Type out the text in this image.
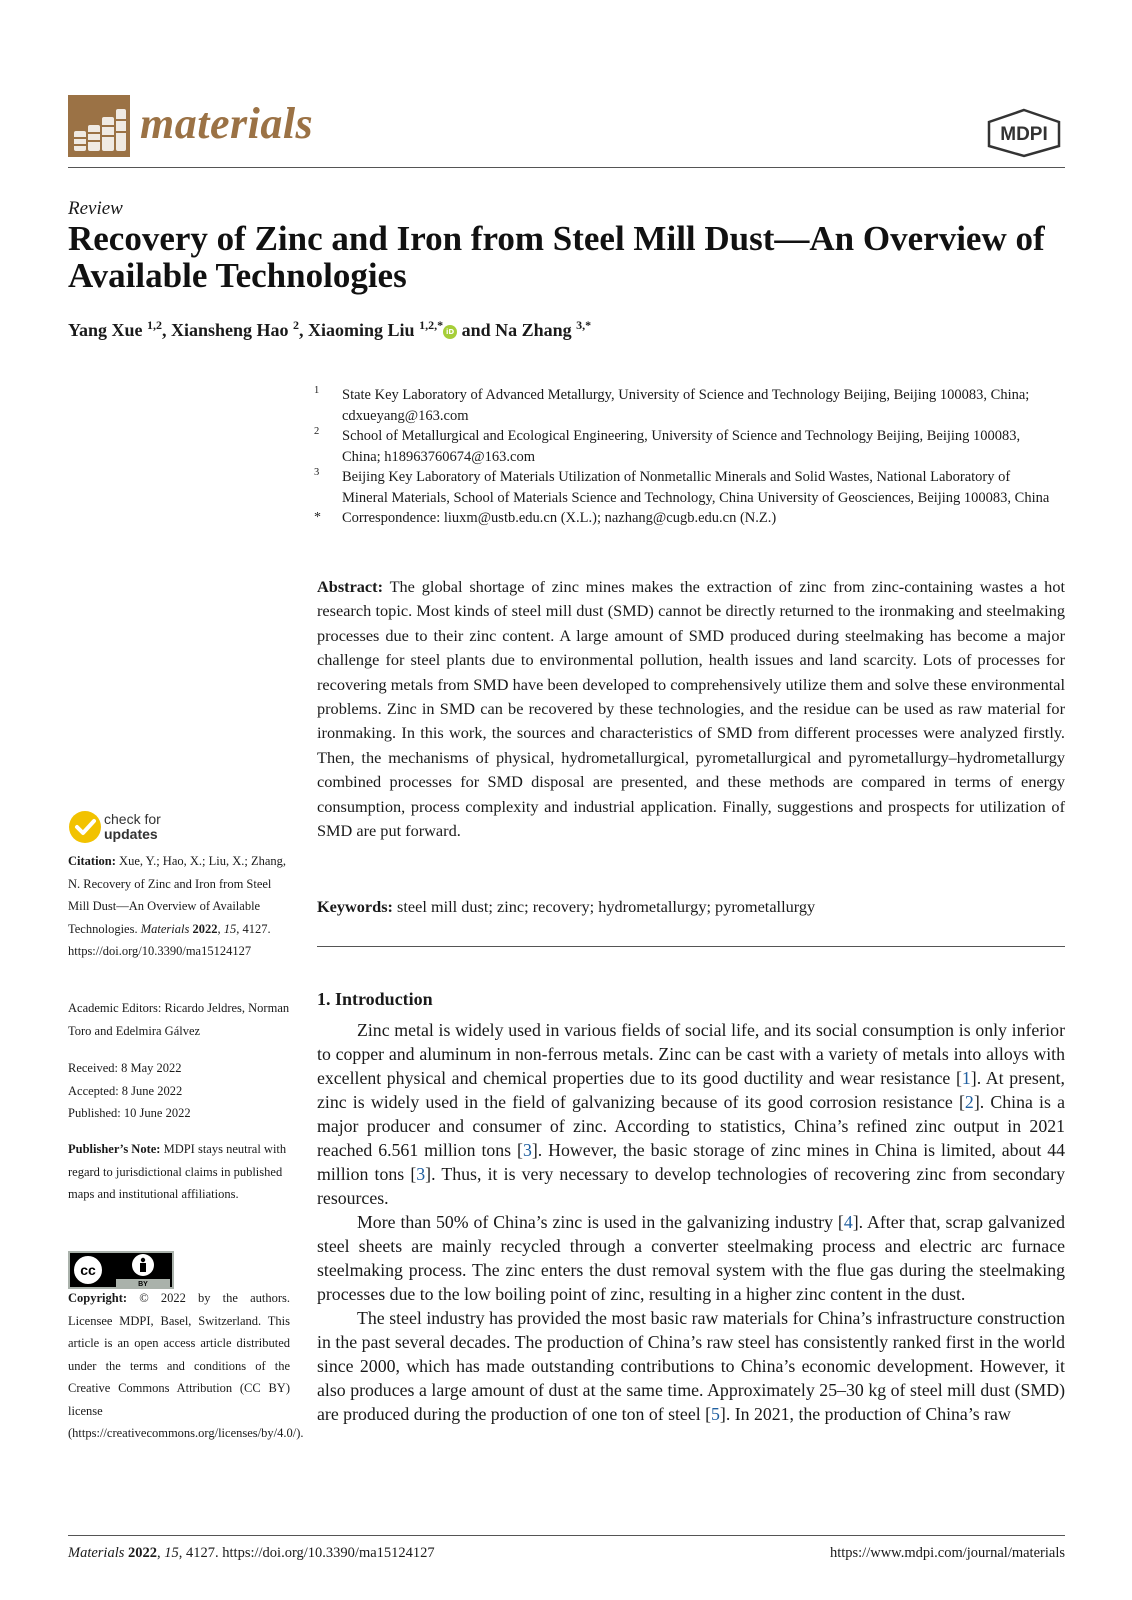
materials	MDPI
Review
Recovery of Zinc and Iron from Steel Mill Dust—An Overview of Available Technologies
Yang Xue $^{1,2}$, Xiansheng Hao $^2$, Xiaoming Liu $^{1,2,*}$ iD and Na Zhang $^{3,*}$
1 State Key Laboratory of Advanced Metallurgy, University of Science and Technology Beijing, Beijing 100083, China; cdxueyang@163.com
2 School of Metallurgical and Ecological Engineering, University of Science and Technology Beijing, Beijing 100083, China; h18963760674@163.com
3 Beijing Key Laboratory of Materials Utilization of Nonmetallic Minerals and Solid Wastes, National Laboratory of Mineral Materials, School of Materials Science and Technology, China University of Geosciences, Beijing 100083, China
* Correspondence: liuxm@ustb.edu.cn (X.L.); nazhang@cugb.edu.cn (N.Z.)
Abstract: The global shortage of zinc mines makes the extraction of zinc from zinc-containing wastes a hot research topic. Most kinds of steel mill dust (SMD) cannot be directly returned to the ironmaking and steelmaking processes due to their zinc content. A large amount of SMD produced during steelmaking has become a major challenge for steel plants due to environmental pollution, health issues and land scarcity. Lots of processes for recovering metals from SMD have been developed to comprehensively utilize them and solve these environmental problems. Zinc in SMD can be recovered by these technologies, and the residue can be used as raw material for ironmaking. In this work, the sources and characteristics of SMD from different processes were analyzed firstly. Then, the mechanisms of physical, hydrometallurgical, pyrometallurgical and pyrometallurgy–hydrometallurgy combined processes for SMD disposal are presented, and these methods are compared in terms of energy consumption, process complexity and industrial application. Finally, suggestions and prospects for utilization of SMD are put forward.
Keywords: steel mill dust; zinc; recovery; hydrometallurgy; pyrometallurgy
1. Introduction

Zinc metal is widely used in various fields of social life, and its social consumption is only inferior to copper and aluminum in non-ferrous metals. Zinc can be cast with a variety of metals into alloys with excellent physical and chemical properties due to its good ductility and wear resistance [1]. At present, zinc is widely used in the field of galvanizing because of its good corrosion resistance [2]. China is a major producer and consumer of zinc. According to statistics, China’s refined zinc output in 2021 reached 6.561 million tons [3]. However, the basic storage of zinc mines in China is limited, about 44 million tons [3]. Thus, it is very necessary to develop technologies of recovering zinc from secondary resources.

More than 50% of China’s zinc is used in the galvanizing industry [4]. After that, scrap galvanized steel sheets are mainly recycled through a converter steelmaking process and electric arc furnace steelmaking process. The zinc enters the dust removal system with the flue gas during the steelmaking processes due to the low boiling point of zinc, resulting in a higher zinc content in the dust.

The steel industry has provided the most basic raw materials for China’s infrastructure construction in the past several decades. The production of China’s raw steel has consistently ranked first in the world since 2000, which has made outstanding contributions to China’s economic development. However, it also produces a large amount of dust at the same time. Approximately 25–30 kg of steel mill dust (SMD) are produced during the production of one ton of steel [5]. In 2021, the production of China’s raw

check for
updates
Citation: Xue, Y.; Hao, X.; Liu, X.; Zhang, N. Recovery of Zinc and Iron from Steel Mill Dust—An Overview of Available Technologies. Materials 2022, 15, 4127. https://doi.org/10.3390/ma15124127
Academic Editors: Ricardo Jeldres, Norman Toro and Edelmira Gálvez
Received: 8 May 2022
Accepted: 8 June 2022
Published: 10 June 2022
Publisher’s Note: MDPI stays neutral with regard to jurisdictional claims in published maps and institutional affiliations.
cc
BY
Copyright: © 2022 by the authors. Licensee MDPI, Basel, Switzerland. This article is an open access article distributed under the terms and conditions of the Creative Commons Attribution (CC BY) license (https://creativecommons.org/licenses/by/4.0/).
Materials 2022, 15, 4127. https://doi.org/10.3390/ma15124127	https://www.mdpi.com/journal/materials
